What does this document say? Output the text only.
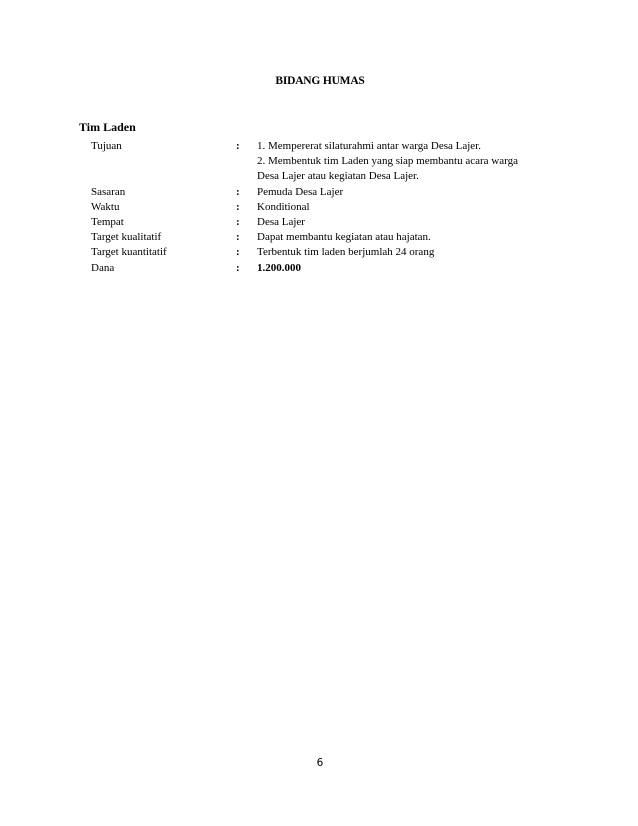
BIDANG HUMAS
Tim Laden
Tujuan	:	1. Mempererat silaturahmi antar warga Desa Lajer.
2. Membentuk tim Laden yang siap membantu acara warga
Desa Lajer atau kegiatan Desa Lajer.
Sasaran	:	Pemuda Desa Lajer
Waktu	:	Konditional
Tempat	:	Desa Lajer
Target kualitatif	:	Dapat membantu kegiatan atau hajatan.
Target kuantitatif	:	Terbentuk tim laden berjumlah 24 orang
Dana	:	1.200.000
6
